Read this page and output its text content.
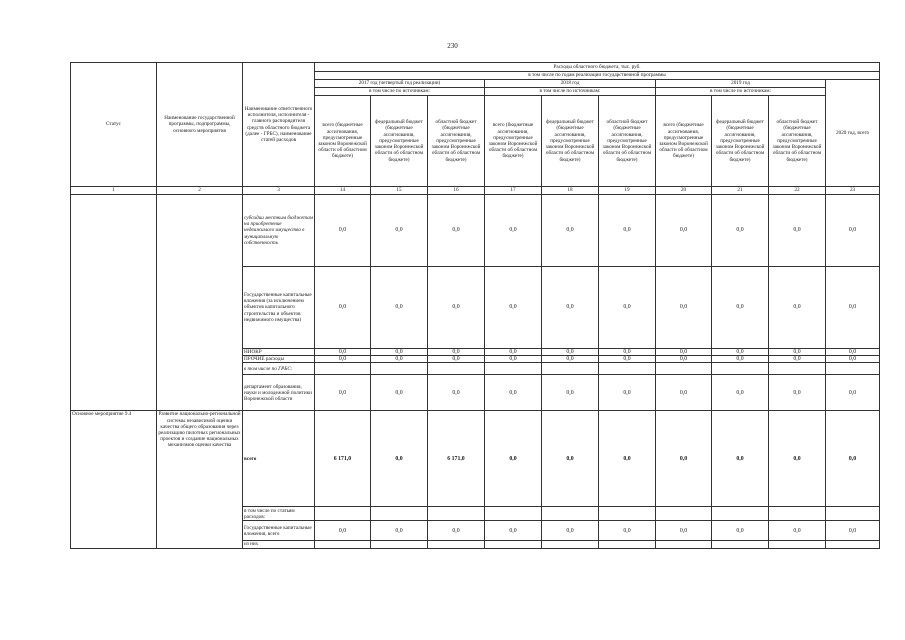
230
Статус	Наименование государственной программы, подпрограммы, основного мероприятия	Наименование ответственного исполнителя, исполнителя - главного распорядителя средств областного бюджета (далее - ГРБС), наименование статей расходов	Расходы областного бюджета, тыс. руб.									
			в том числе по годам реализации государственной программы									
			2017 год (четвертый год реализации)			2018 год			2019 год			2020 год, всего
			в том числе по источникам:			в том числе по источникам:			в том числе по источникам:			
			всего (бюджетные ассигнования, предусмотренные законом Воронежской области об областном бюджете)	федеральный бюджет (бюджетные ассигнования, предусмотренные законом Воронежской области об областном бюджете)	областной бюджет (бюджетные ассигнования, предусмотренные законом Воронежской области об областном бюджете)	всего (бюджетные ассигнования, предусмотренные законом Воронежской области об областном бюджете)	федеральный бюджет (бюджетные ассигнования, предусмотренные законом Воронежской области об областном бюджете)	областной бюджет (бюджетные ассигнования, предусмотренные законом Воронежской области об областном бюджете)	всего (бюджетные ассигнования, предусмотренные законом Воронежской области об областном бюджете)	федеральный бюджет (бюджетные ассигнования, предусмотренные законом Воронежской области об областном бюджете)	областной бюджет (бюджетные ассигнования, предусмотренные законом Воронежской области об областном бюджете)	
1	2	3	14	15	16	17	18	19	20	21	22	23
		субсидии местным бюджетам на приобретение недвижимого имущества в муниципальную собственность	0,0	0,0	0,0	0,0	0,0	0,0	0,0	0,0	0,0	0,0
		Государственные капитальные вложения (за исключением объектов капитального строительства и объектов недвижимого имущества)	0,0	0,0	0,0	0,0	0,0	0,0	0,0	0,0	0,0	0,0
		НИОКР	0,0	0,0	0,0	0,0	0,0	0,0	0,0	0,0	0,0	0,0
		ПРОЧИЕ расходы	0,0	0,0	0,0	0,0	0,0	0,0	0,0	0,0	0,0	0,0
		в том числе по ГРБС:										
		департамент образования, науки и молодежной политики Воронежской области	0,0	0,0	0,0	0,0	0,0	0,0	0,0	0,0	0,0	0,0
Основное мероприятие 9.4	Развитие национально-региональной системы независимой оценки качества общего образования через реализацию пилотных региональных проектов и создание национальных механизмов оценки качества	всего	6 171,0	0,0	6 171,0	0,0	0,0	0,0	0,0	0,0	0,0	0,0
		в том числе по статьям расходов:										
		Государственные капитальные вложения, всего	0,0	0,0	0,0	0,0	0,0	0,0	0,0	0,0	0,0	0,0
		из них										
